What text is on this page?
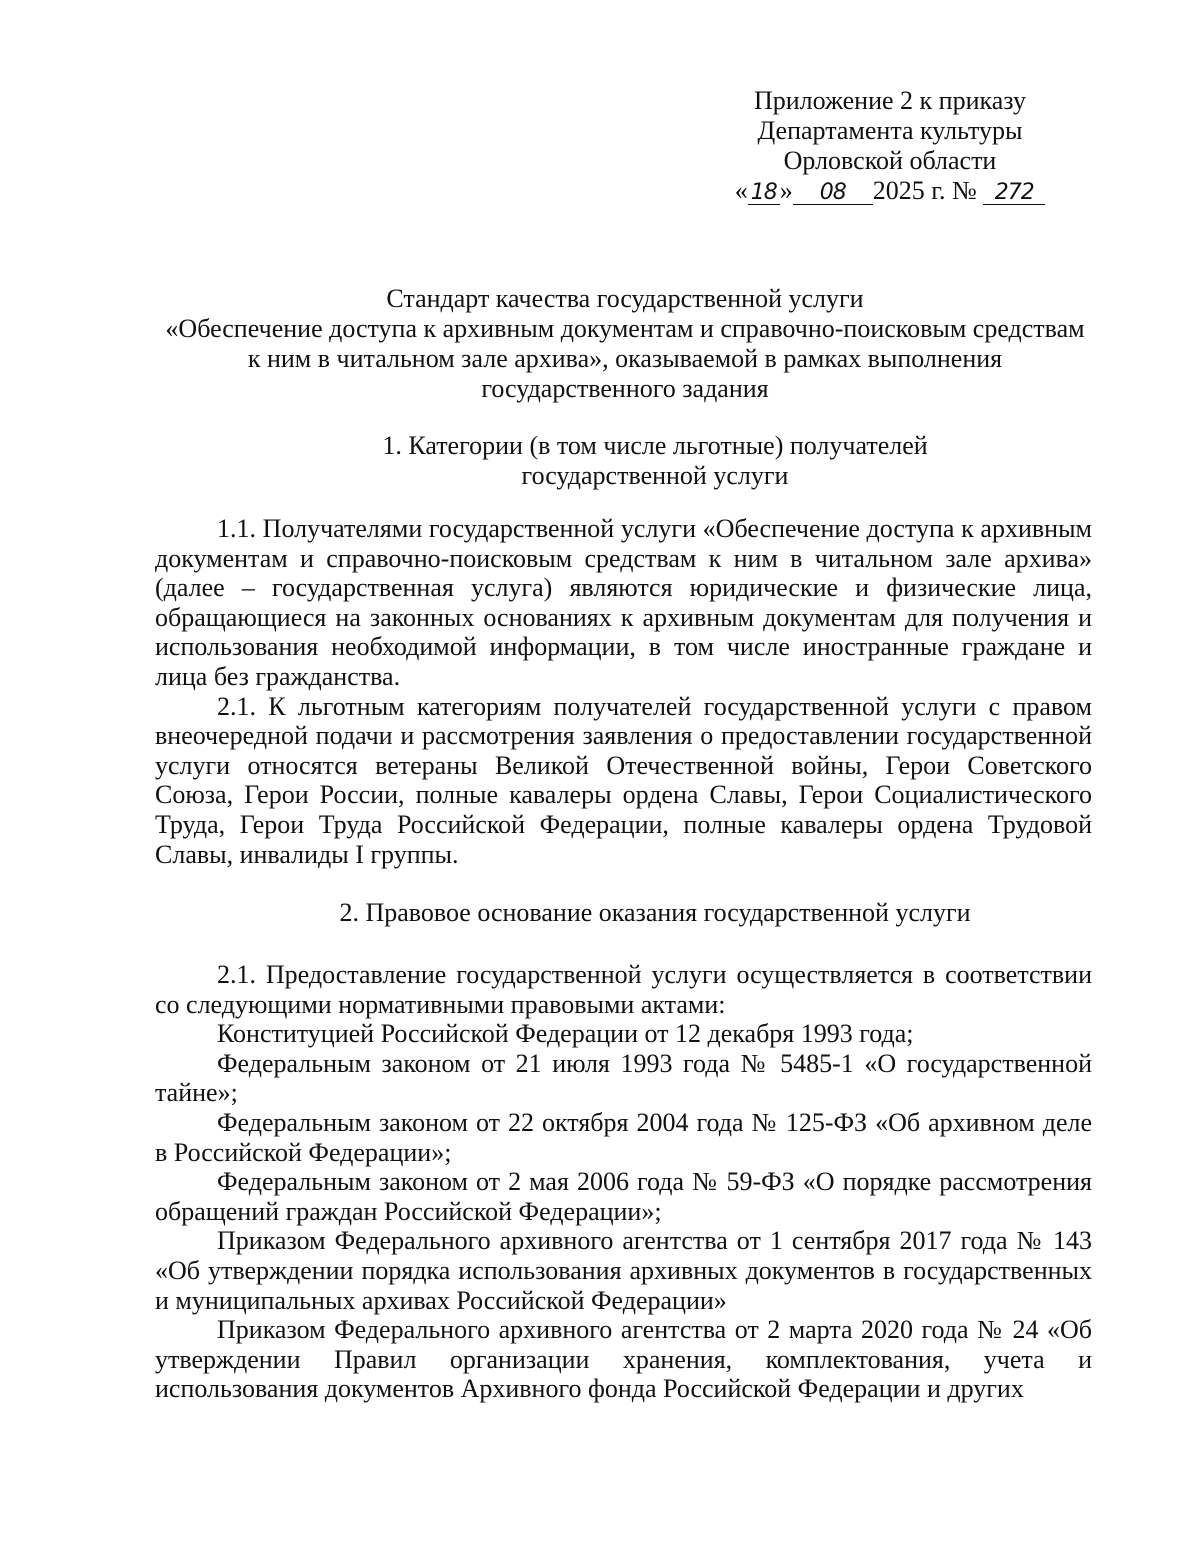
Приложение 2 к приказу
Департамента культуры
Орловской области
« 18 » 08 2025 г. № 272
Стандарт качества государственной услуги
«Обеспечение доступа к архивным документам и справочно-поисковым средствам
к ним в читальном зале архива», оказываемой в рамках выполнения
государственного задания
1. Категории (в том числе льготные) получателей
государственной услуги

1.1. Получателями государственной услуги «Обеспечение доступа к архивным документам и справочно-поисковым средствам к ним в читальном зале архива» (далее – государственная услуга) являются юридические и физические лица, обращающиеся на законных основаниях к архивным документам для получения и использования необходимой информации, в том числе иностранные граждане и лица без гражданства.

2.1. К льготным категориям получателей государственной услуги с правом внеочередной подачи и рассмотрения заявления о предоставлении государственной услуги относятся ветераны Великой Отечественной войны, Герои Советского Союза, Герои России, полные кавалеры ордена Славы, Герои Социалистического Труда, Герои Труда Российской Федерации, полные кавалеры ордена Трудовой Славы, инвалиды I группы.

2. Правовое основание оказания государственной услуги

2.1. Предоставление государственной услуги осуществляется в соответствии со следующими нормативными правовыми актами:

Конституцией Российской Федерации от 12 декабря 1993 года;

Федеральным законом от 21 июля 1993 года № 5485-1 «О государственной тайне»;

Федеральным законом от 22 октября 2004 года № 125-ФЗ «Об архивном деле в Российской Федерации»;

Федеральным законом от 2 мая 2006 года № 59-ФЗ «О порядке рассмотрения обращений граждан Российской Федерации»;

Приказом Федерального архивного агентства от 1 сентября 2017 года № 143 «Об утверждении порядка использования архивных документов в государственных и муниципальных архивах Российской Федерации»

Приказом Федерального архивного агентства от 2 марта 2020 года № 24 «Об утверждении Правил организации хранения, комплектования, учета и использования документов Архивного фонда Российской Федерации и других
